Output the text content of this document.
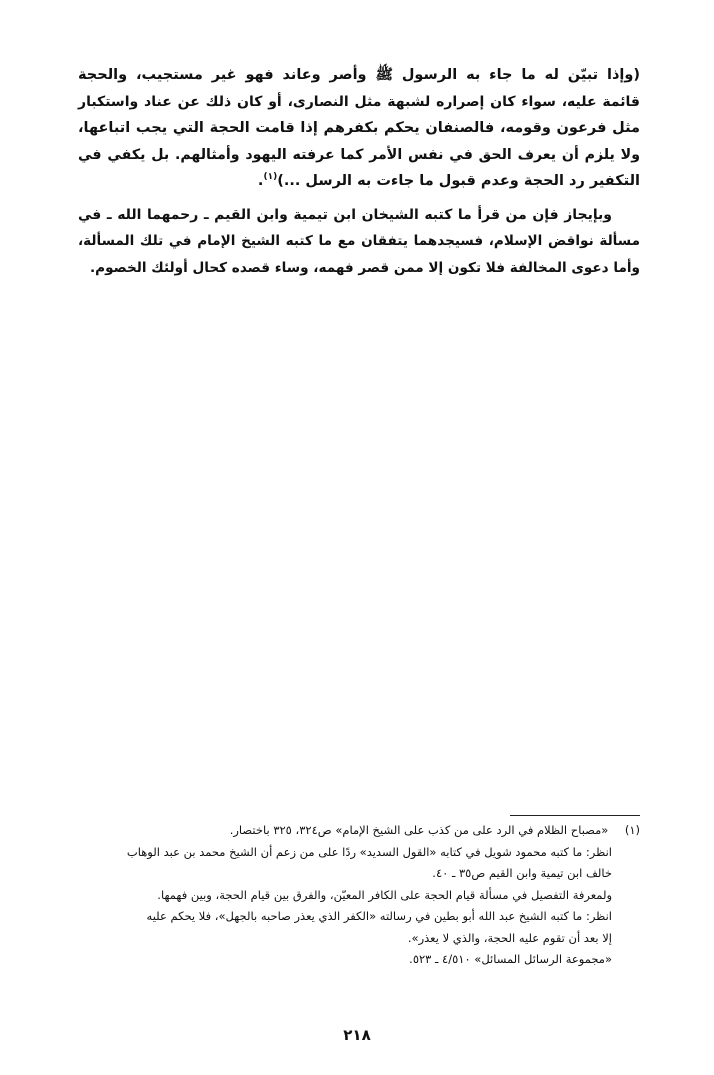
(وإذا تبيّن له ما جاء به الرسول ﷺ وأصر وعاند فهو غير مستجيب، والحجة
قائمة عليه، سواء كان إصراره لشبهة مثل النصارى، أو كان ذلك عن عناد واستكبار
مثل فرعون وقومه، فالصنفان يحكم بكفرهم إذا قامت الحجة التي يجب اتباعها،
ولا يلزم أن يعرف الحق في نفس الأمر كما عرفته اليهود وأمثالهم. بل يكفي في
التكفير رد الحجة وعدم قبول ما جاءت به الرسل ...)$^{(١)}$.

وبإيجاز فإن من قرأ ما كتبه الشيخان ابن تيمية وابن القيم ـ رحمهما الله ـ في
مسألة نواقض الإسلام، فسيجدهما يتفقان مع ما كتبه الشيخ الإمام في تلك المسألة،
وأما دعوى المخالفة فلا تكون إلا ممن قصر فهمه، وساء قصده كحال أولئك الخصوم.

(١) «مصباح الظلام في الرد على من كذب على الشيخ الإمام» ص٣٢٤، ٣٢٥ باختصار.
انظر: ما كتبه محمود شويل في كتابه «القول السديد» ردًا على من زعم أن الشيخ محمد بن عبد الوهاب
خالف ابن تيمية وابن القيم ص٣٥ ـ ٤٠.
ولمعرفة التفصيل في مسألة قيام الحجة على الكافر المعيّن، والفرق بين قيام الحجة، وبين فهمها.
انظر: ما كتبه الشيخ عبد الله أبو بطين في رسالته «الكفر الذي يعذر صاحبه بالجهل»، فلا يحكم عليه
إلا بعد أن تقوم عليه الحجة، والذي لا يعذر».
«مجموعة الرسائل المسائل» ٤/٥١٠ ـ ٥٢٣.
٢١٨
